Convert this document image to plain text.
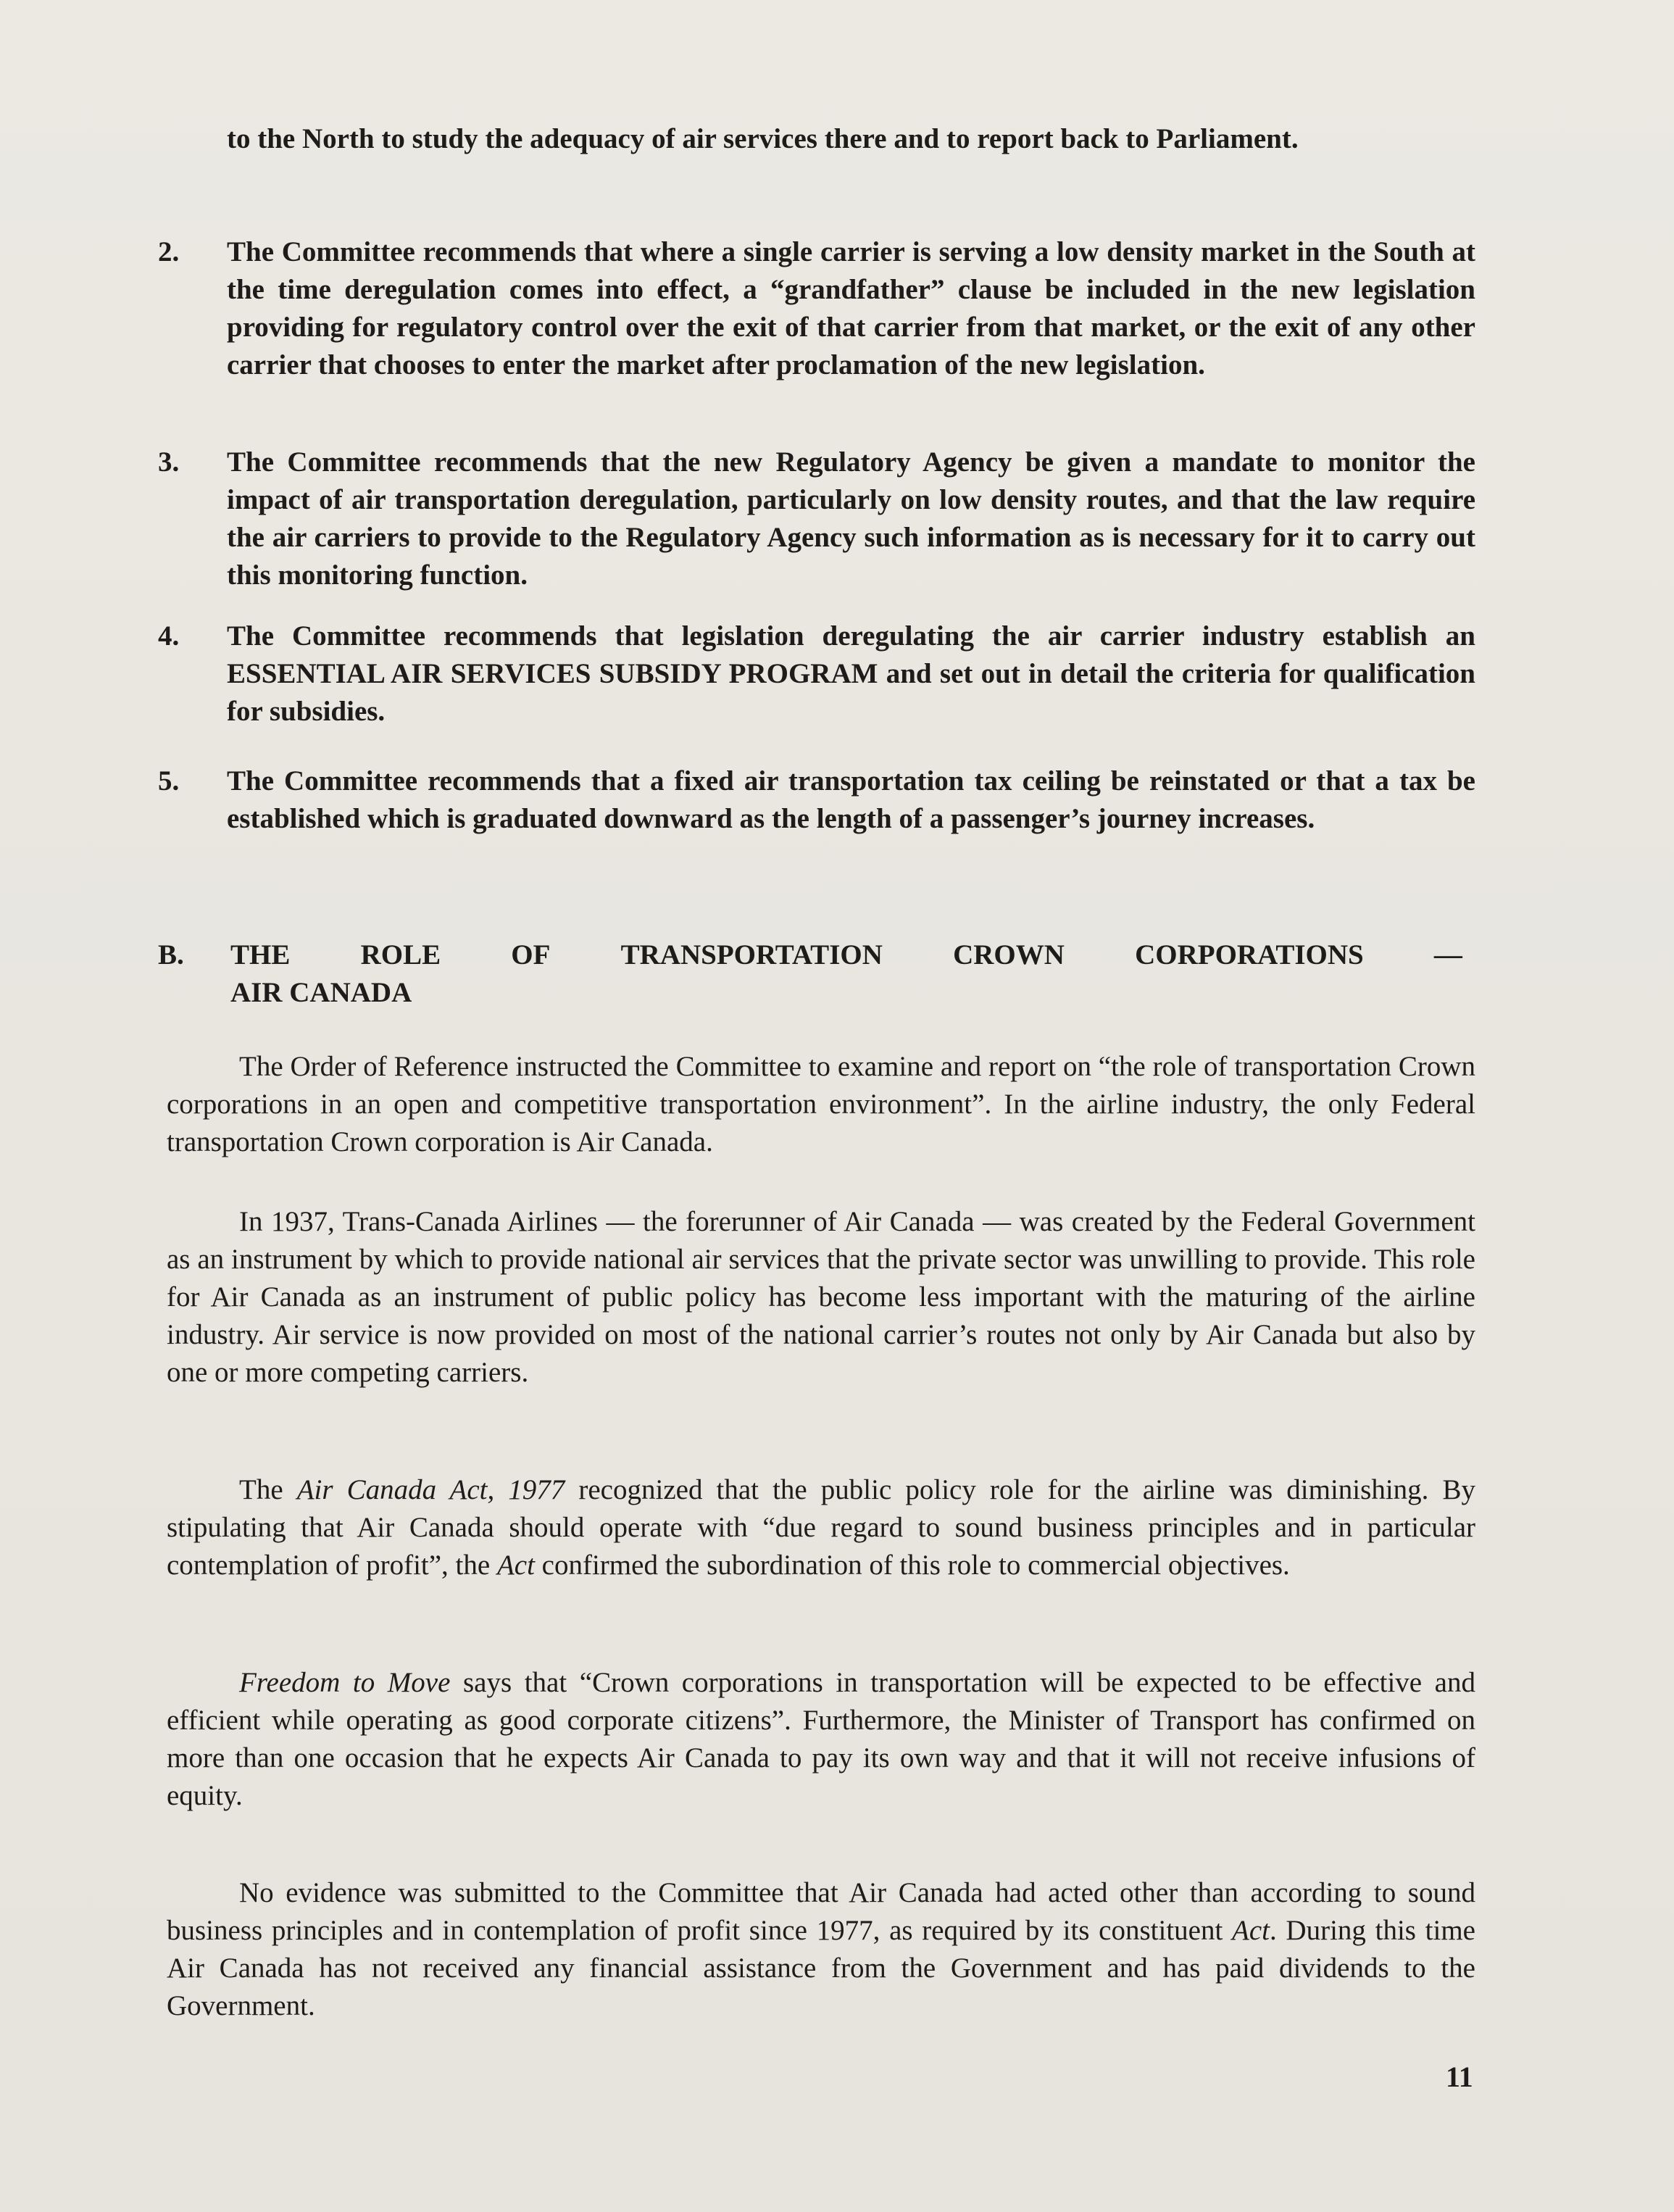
to the North to study the adequacy of air services there and to report back to Parliament.
2.	The Committee recommends that where a single carrier is serving a low density market in the South at the time deregulation comes into effect, a “grandfather” clause be included in the new legislation providing for regulatory control over the exit of that carrier from that market, or the exit of any other carrier that chooses to enter the market after proclamation of the new legislation.
3.	The Committee recommends that the new Regulatory Agency be given a mandate to monitor the impact of air transportation deregulation, particularly on low density routes, and that the law require the air carriers to provide to the Regulatory Agency such information as is necessary for it to carry out this monitoring function.
4.	The Committee recommends that legislation deregulating the air carrier industry establish an ESSENTIAL AIR SERVICES SUBSIDY PROGRAM and set out in detail the criteria for qualification for subsidies.
5.	The Committee recommends that a fixed air transportation tax ceiling be reinstated or that a tax be established which is graduated downward as the length of a passenger’s journey increases.
B. THE ROLE OF TRANSPORTATION CROWN CORPORATIONS —
AIR CANADA
The Order of Reference instructed the Committee to examine and report on “the role of transportation Crown corporations in an open and competitive transportation environment”. In the airline industry, the only Federal transportation Crown corporation is Air Canada.
In 1937, Trans-Canada Airlines — the forerunner of Air Canada — was created by the Federal Government as an instrument by which to provide national air services that the private sector was unwilling to provide. This role for Air Canada as an instrument of public policy has become less important with the maturing of the airline industry. Air service is now provided on most of the national carrier’s routes not only by Air Canada but also by one or more competing carriers.
The Air Canada Act, 1977 recognized that the public policy role for the airline was diminishing. By stipulating that Air Canada should operate with “due regard to sound business principles and in particular contemplation of profit”, the Act confirmed the subordination of this role to commercial objectives.
Freedom to Move says that “Crown corporations in transportation will be expected to be effective and efficient while operating as good corporate citizens”. Furthermore, the Minister of Transport has confirmed on more than one occasion that he expects Air Canada to pay its own way and that it will not receive infusions of equity.
No evidence was submitted to the Committee that Air Canada had acted other than according to sound business principles and in contemplation of profit since 1977, as required by its constituent Act. During this time Air Canada has not received any financial assistance from the Government and has paid dividends to the Government.
11
